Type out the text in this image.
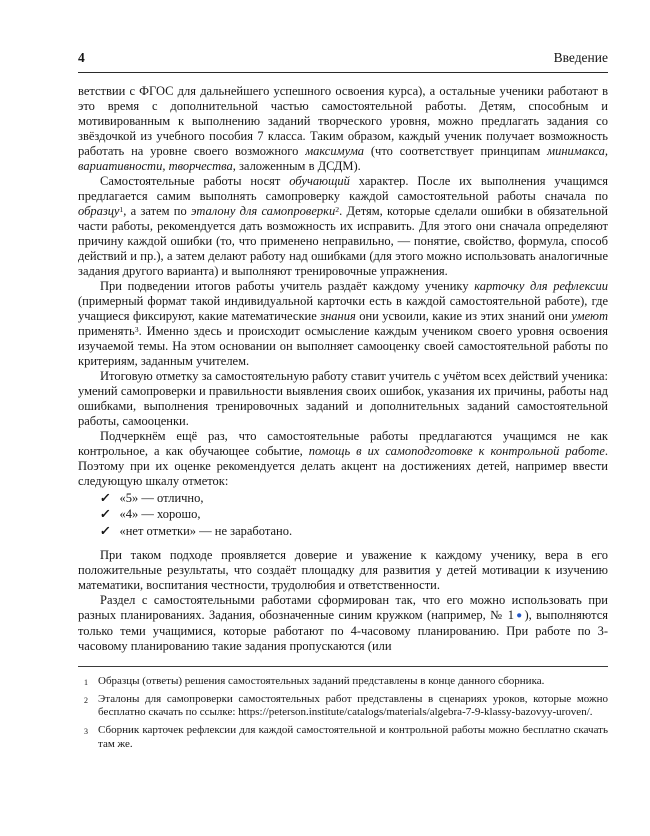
4	Введение

ветствии с ФГОС для дальнейшего успешного освоения курса), а остальные ученики работают в это время с дополнительной частью самостоятельной работы. Детям, способным и мотивированным к выполнению заданий творческого уровня, можно предлагать задания со звёздочкой из учебного пособия 7 класса. Таким образом, каждый ученик получает возможность работать на уровне своего возможного максимума (что соответствует принципам минимакса, вариативности, творчества, заложенным в ДСДМ).

Самостоятельные работы носят обучающий характер. После их выполнения учащимся предлагается самим выполнять самопроверку каждой самостоятельной работы сначала по образцу$^1$, а затем по эталону для самопроверки$^2$. Детям, которые сделали ошибки в обязательной части работы, рекомендуется дать возможность их исправить. Для этого они сначала определяют причину каждой ошибки (то, что применено неправильно, — понятие, свойство, формула, способ действий и пр.), а затем делают работу над ошибками (для этого можно использовать аналогичные задания другого варианта) и выполняют тренировочные упражнения.

При подведении итогов работы учитель раздаёт каждому ученику карточку для рефлексии (примерный формат такой индивидуальной карточки есть в каждой самостоятельной работе), где учащиеся фиксируют, какие математические знания они усвоили, какие из этих знаний они умеют применять$^3$. Именно здесь и происходит осмысление каждым учеником своего уровня освоения изучаемой темы. На этом основании он выполняет самооценку своей самостоятельной работы по критериям, заданным учителем.

Итоговую отметку за самостоятельную работу ставит учитель с учётом всех действий ученика: умений самопроверки и правильности выявления своих ошибок, указания их причины, работы над ошибками, выполнения тренировочных заданий и дополнительных заданий самостоятельной работы, самооценки.

Подчеркнём ещё раз, что самостоятельные работы предлагаются учащимся не как контрольное, а как обучающее событие, помощь в их самоподготовке к контрольной работе. Поэтому при их оценке рекомендуется делать акцент на достижениях детей, например ввести следующую шкалу отметок:

✓ «5» — отлично,

✓ «4» — хорошо,

✓ «нет отметки» — не заработано.

При таком подходе проявляется доверие и уважение к каждому ученику, вера в его положительные результаты, что создаёт площадку для развития у детей мотивации к изучению математики, воспитания честности, трудолюбия и ответственности.

Раздел с самостоятельными работами сформирован так, что его можно использовать при разных планированиях. Задания, обозначенные синим кружком (например, № 1●), выполняются только теми учащимися, которые работают по 4-часовому планированию. При работе по 3-часовому планированию такие задания пропускаются (или

1 Образцы (ответы) решения самостоятельных заданий представлены в конце данного сборника.
2 Эталоны для самопроверки самостоятельных работ представлены в сценариях уроков, которые можно бесплатно скачать по ссылке: https://peterson.institute/catalogs/materials/algebra-7-9-klassy-bazovyy-uroven/.
3 Сборник карточек рефлексии для каждой самостоятельной и контрольной работы можно бесплатно скачать там же.
